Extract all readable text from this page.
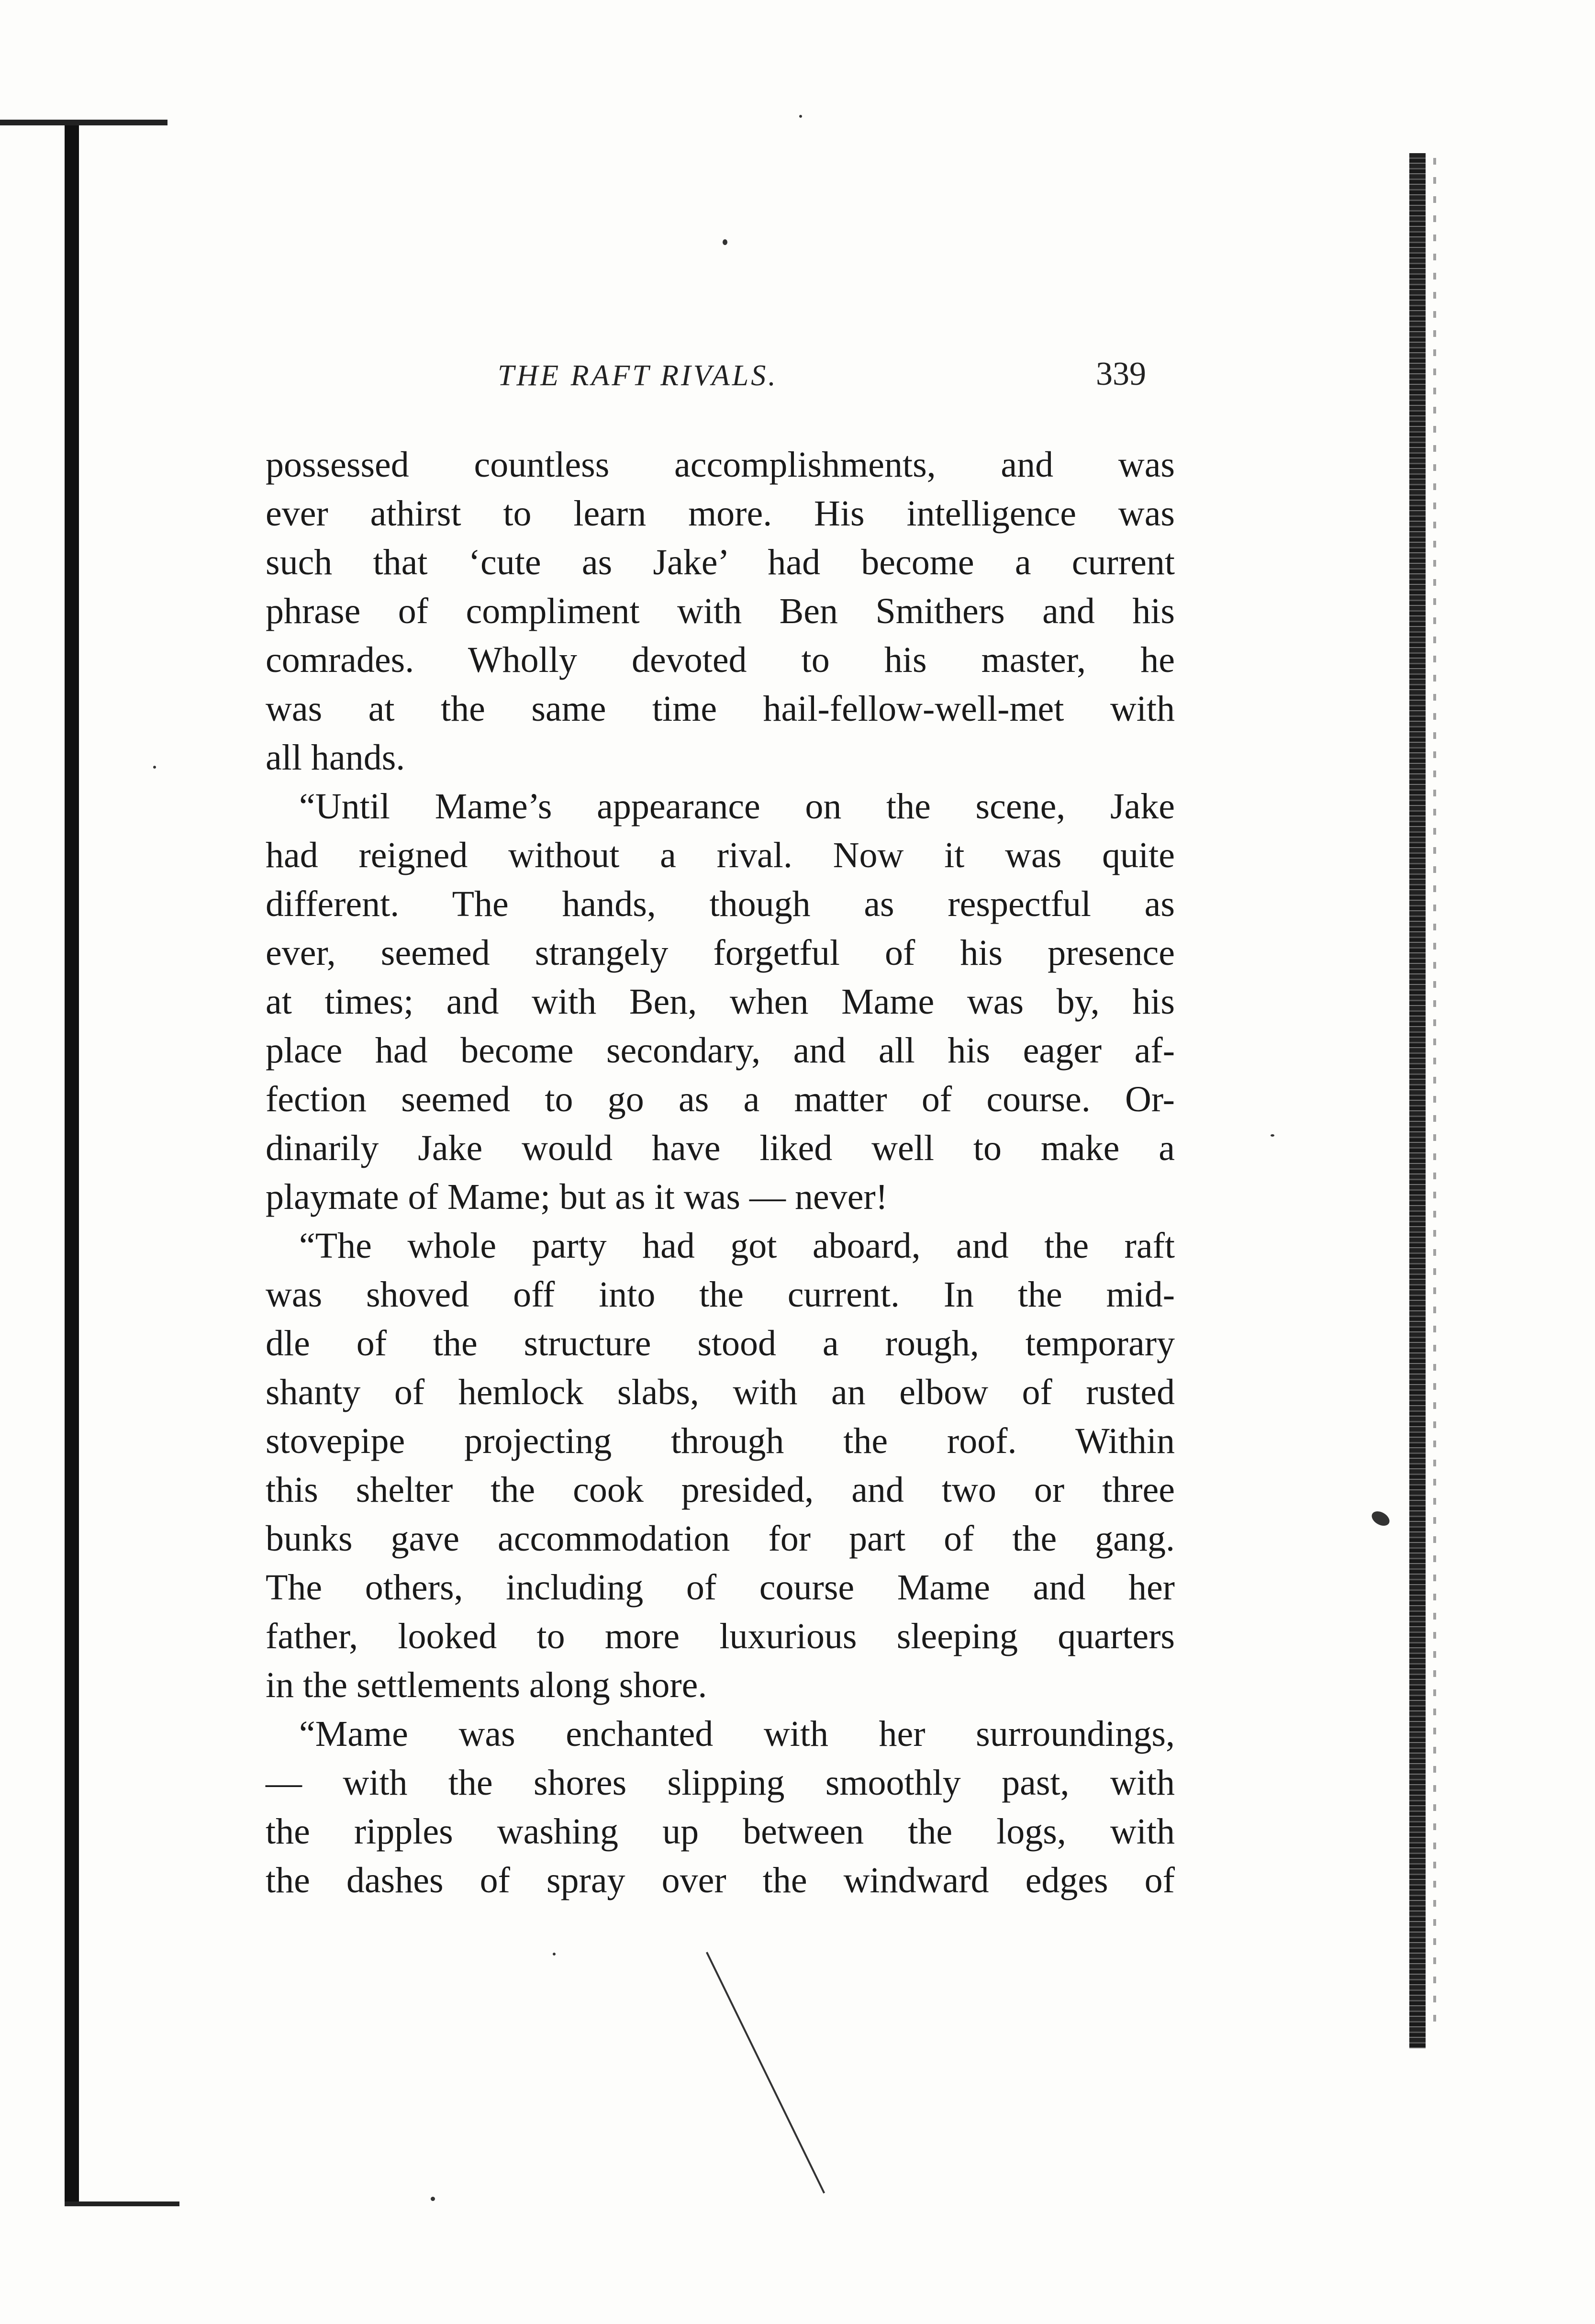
THE RAFT RIVALS.	339
possessed countless accomplishments, and was
ever athirst to learn more. His intelligence was
such that ‘cute as Jake’ had become a current
phrase of compliment with Ben Smithers and his
comrades. Wholly devoted to his master, he
was at the same time hail-fellow-well-met with
all hands.
“Until Mame’s appearance on the scene, Jake
had reigned without a rival. Now it was quite
different. The hands, though as respectful as
ever, seemed strangely forgetful of his presence
at times; and with Ben, when Mame was by, his
place had become secondary, and all his eager af-
fection seemed to go as a matter of course. Or-
dinarily Jake would have liked well to make a
playmate of Mame; but as it was — never!
“The whole party had got aboard, and the raft
was shoved off into the current. In the mid-
dle of the structure stood a rough, temporary
shanty of hemlock slabs, with an elbow of rusted
stovepipe projecting through the roof. Within
this shelter the cook presided, and two or three
bunks gave accommodation for part of the gang.
The others, including of course Mame and her
father, looked to more luxurious sleeping quarters
in the settlements along shore.
“Mame was enchanted with her surroundings,
— with the shores slipping smoothly past, with
the ripples washing up between the logs, with
the dashes of spray over the windward edges of
